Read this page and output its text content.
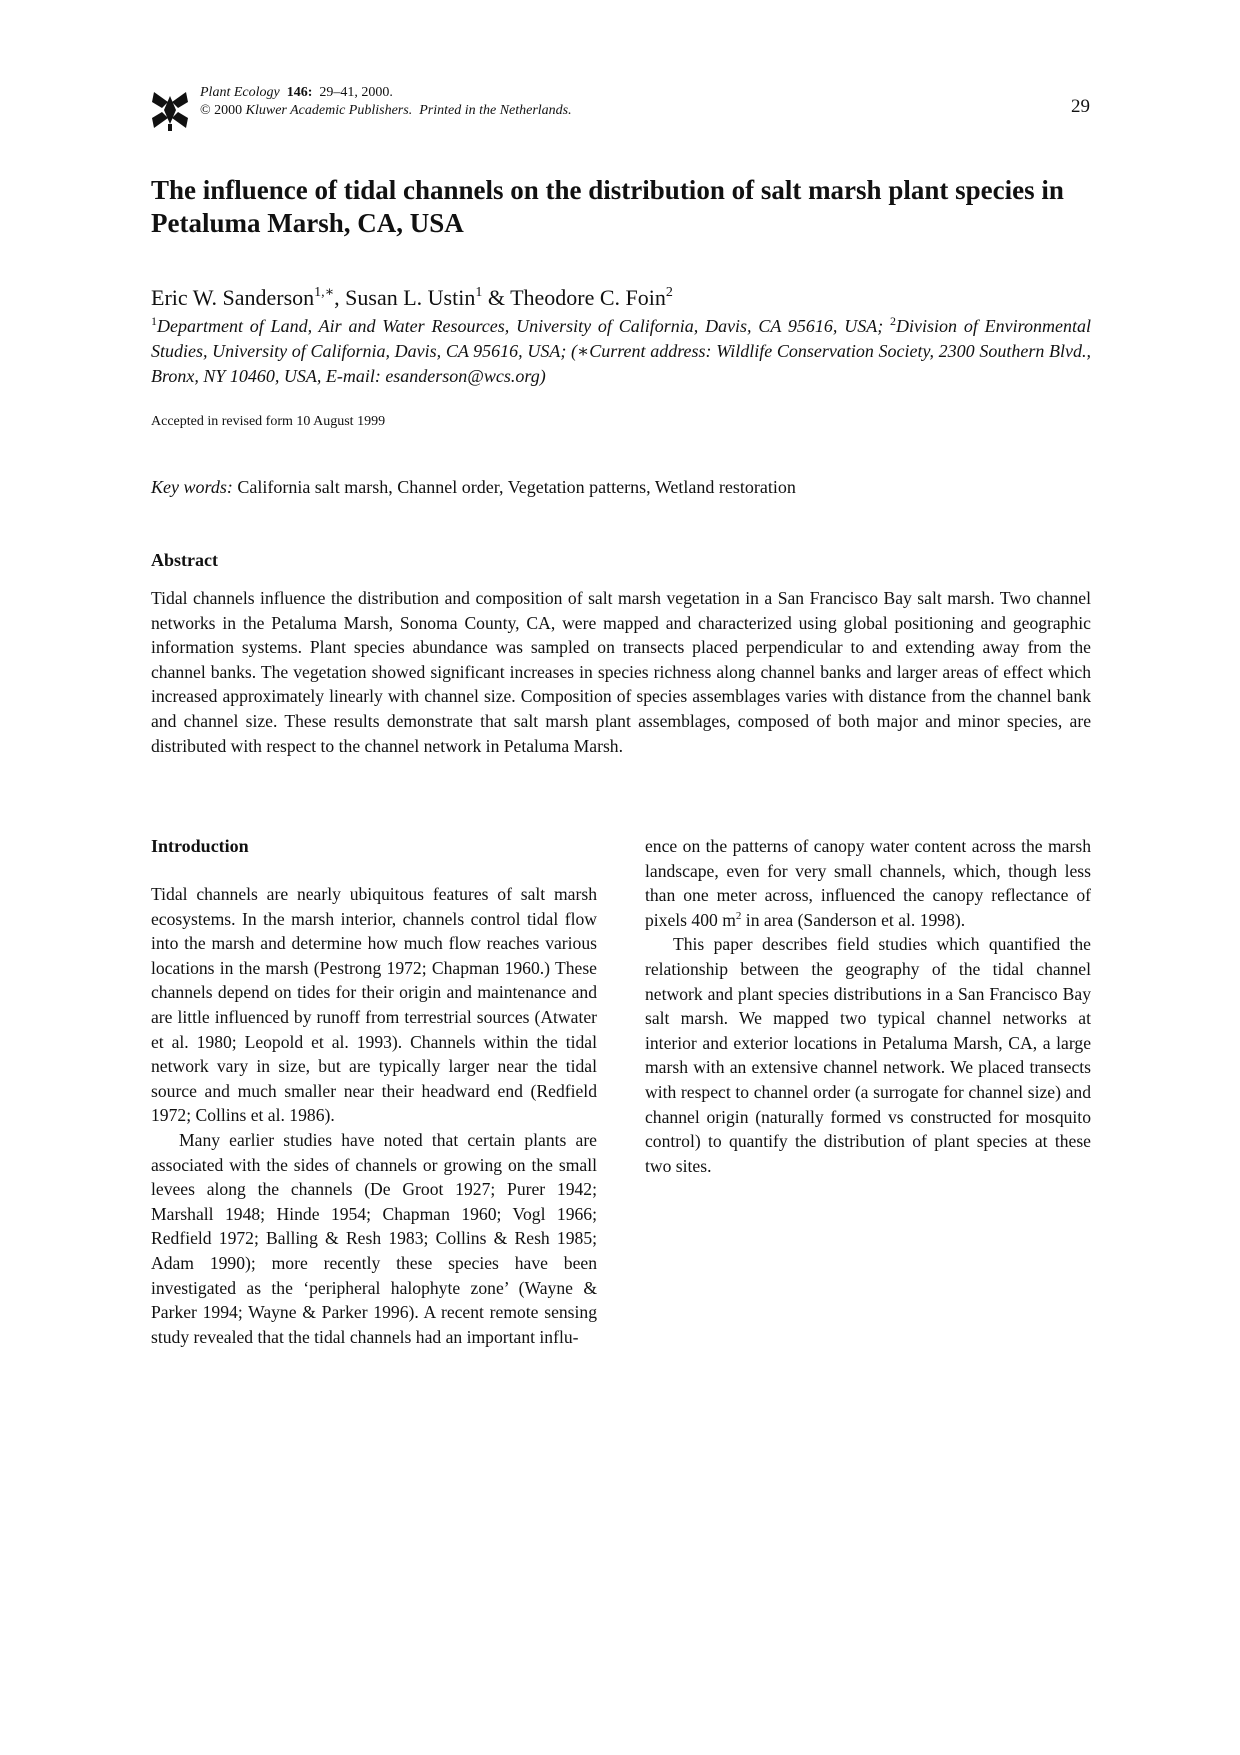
Plant Ecology 146: 29–41, 2000.
© 2000 Kluwer Academic Publishers. Printed in the Netherlands.	29
The influence of tidal channels on the distribution of salt marsh plant species in Petaluma Marsh, CA, USA
Eric W. Sanderson$^{1,∗}$, Susan L. Ustin$^1$ & Theodore C. Foin$^2$
$^1$Department of Land, Air and Water Resources, University of California, Davis, CA 95616, USA; $^2$Division of Environmental Studies, University of California, Davis, CA 95616, USA; (∗Current address: Wildlife Conservation Society, 2300 Southern Blvd., Bronx, NY 10460, USA, E-mail: esanderson@wcs.org)
Accepted in revised form 10 August 1999
Key words: California salt marsh, Channel order, Vegetation patterns, Wetland restoration
Abstract

Tidal channels influence the distribution and composition of salt marsh vegetation in a San Francisco Bay salt marsh. Two channel networks in the Petaluma Marsh, Sonoma County, CA, were mapped and characterized using global positioning and geographic information systems. Plant species abundance was sampled on transects placed perpendicular to and extending away from the channel banks. The vegetation showed significant increases in species richness along channel banks and larger areas of effect which increased approximately linearly with channel size. Composition of species assemblages varies with distance from the channel bank and channel size. These results demonstrate that salt marsh plant assemblages, composed of both major and minor species, are distributed with respect to the channel network in Petaluma Marsh.

Introduction

Tidal channels are nearly ubiquitous features of salt marsh ecosystems. In the marsh interior, channels control tidal flow into the marsh and determine how much flow reaches various locations in the marsh (Pestrong 1972; Chapman 1960.) These channels depend on tides for their origin and maintenance and are little influenced by runoff from terrestrial sources (Atwater et al. 1980; Leopold et al. 1993). Channels within the tidal network vary in size, but are typically larger near the tidal source and much smaller near their headward end (Redfield 1972; Collins et al. 1986).

Many earlier studies have noted that certain plants are associated with the sides of channels or growing on the small levees along the channels (De Groot 1927; Purer 1942; Marshall 1948; Hinde 1954; Chapman 1960; Vogl 1966; Redfield 1972; Balling & Resh 1983; Collins & Resh 1985; Adam 1990); more recently these species have been investigated as the ‘peripheral halophyte zone’ (Wayne & Parker 1994; Wayne & Parker 1996). A recent remote sensing study revealed that the tidal channels had an important influ-

ence on the patterns of canopy water content across the marsh landscape, even for very small channels, which, though less than one meter across, influenced the canopy reflectance of pixels 400 $m^2$ in area (Sanderson et al. 1998).

This paper describes field studies which quantified the relationship between the geography of the tidal channel network and plant species distributions in a San Francisco Bay salt marsh. We mapped two typical channel networks at interior and exterior locations in Petaluma Marsh, CA, a large marsh with an extensive channel network. We placed transects with respect to channel order (a surrogate for channel size) and channel origin (naturally formed vs constructed for mosquito control) to quantify the distribution of plant species at these two sites.
